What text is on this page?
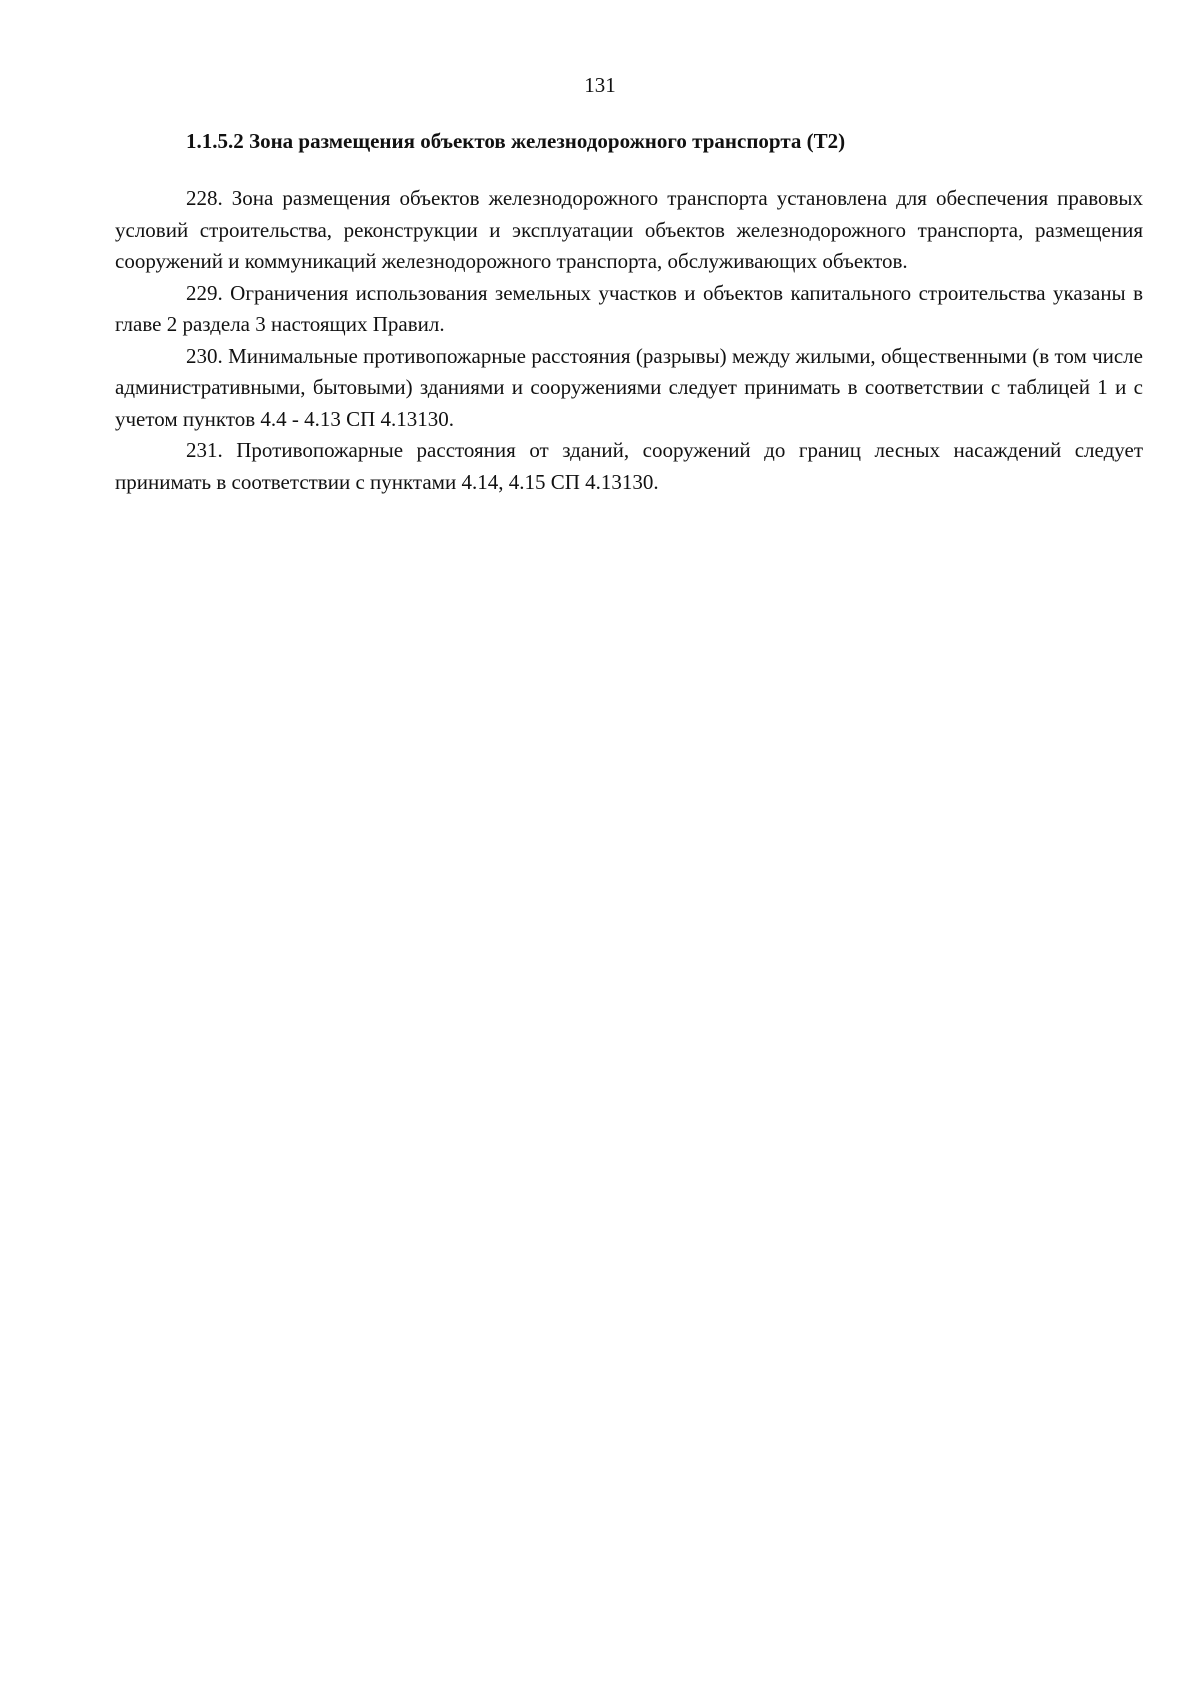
131
1.1.5.2 Зона размещения объектов железнодорожного транспорта (Т2)

228. Зона размещения объектов железнодорожного транспорта установлена для обеспечения правовых условий строительства, реконструкции и эксплуатации объектов железнодорожного транспорта, размещения сооружений и коммуникаций железнодорожного транспорта, обслуживающих объектов.

229. Ограничения использования земельных участков и объектов капитального строительства указаны в главе 2 раздела 3 настоящих Правил.

230. Минимальные противопожарные расстояния (разрывы) между жилыми, общественными (в том числе административными, бытовыми) зданиями и сооружениями следует принимать в соответствии с таблицей 1 и с учетом пунктов 4.4 - 4.13 СП 4.13130.

231. Противопожарные расстояния от зданий, сооружений до границ лесных насаждений следует принимать в соответствии с пунктами 4.14, 4.15 СП 4.13130.
